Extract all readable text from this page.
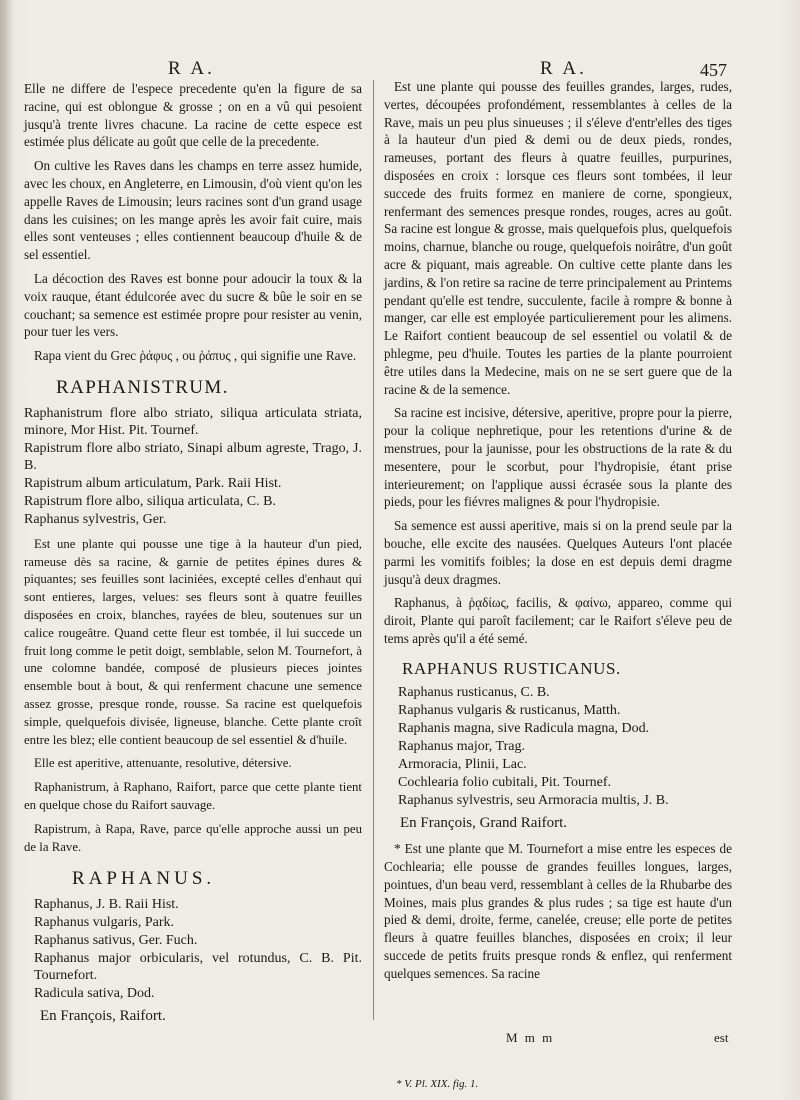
R A.	R A.	457

Elle ne differe de l'espece precedente qu'en la figure de sa racine, qui est oblongue & grosse ; on en a vû qui pesoient jusqu'à trente livres chacune. La racine de cette espece est estimée plus délicate au goût que celle de la precedente.

On cultive les Raves dans les champs en terre assez humide, avec les choux, en Angleterre, en Limousin, d'où vient qu'on les appelle Raves de Limousin; leurs racines sont d'un grand usage dans les cuisines; on les mange après les avoir fait cuire, mais elles sont venteuses ; elles contiennent beaucoup d'huile & de sel essentiel.

La décoction des Raves est bonne pour adoucir la toux & la voix rauque, étant édulcorée avec du sucre & bûe le soir en se couchant; sa semence est estimée propre pour resister au venin, pour tuer les vers.

Rapa vient du Grec ῥάφυς , ou ῥάπυς , qui signifie une Rave.

RAPHANISTRUM.
Raphanistrum flore albo striato, siliqua articulata striata, minore, Mor Hist. Pit. Tournef.
Rapistrum flore albo striato, Sinapi album agreste, Trago, J. B.
Rapistrum album articulatum, Park. Raii Hist.
Rapistrum flore albo, siliqua articulata, C. B.
Raphanus sylvestris, Ger.

Est une plante qui pousse une tige à la hauteur d'un pied, rameuse dès sa racine, & garnie de petites épines dures & piquantes; ses feuilles sont laciniées, excepté celles d'enhaut qui sont entieres, larges, velues: ses fleurs sont à quatre feuilles disposées en croix, blanches, rayées de bleu, soutenues sur un calice rougeâtre. Quand cette fleur est tombée, il lui succede un fruit long comme le petit doigt, semblable, selon M. Tournefort, à une colomne bandée, composé de plusieurs pieces jointes ensemble bout à bout, & qui renferment chacune une semence assez grosse, presque ronde, rousse. Sa racine est quelquefois simple, quelquefois divisée, ligneuse, blanche. Cette plante croît entre les blez; elle contient beaucoup de sel essentiel & d'huile.

Elle est aperitive, attenuante, resolutive, détersive.

Raphanistrum, à Raphano, Raifort, parce que cette plante tient en quelque chose du Raifort sauvage.

Rapistrum, à Rapa, Rave, parce qu'elle approche aussi un peu de la Rave.

RAPHANUS.
Raphanus, J. B. Raii Hist.
Raphanus vulgaris, Park.
Raphanus sativus, Ger. Fuch.
Raphanus major orbicularis, vel rotundus, C. B. Pit. Tournefort.
Radicula sativa, Dod.
En François, Raifort.

Est une plante qui pousse des feuilles grandes, larges, rudes, vertes, découpées profondément, ressemblantes à celles de la Rave, mais un peu plus sinueuses ; il s'éleve d'entr'elles des tiges à la hauteur d'un pied & demi ou de deux pieds, rondes, rameuses, portant des fleurs à quatre feuilles, purpurines, disposées en croix : lorsque ces fleurs sont tombées, il leur succede des fruits formez en maniere de corne, spongieux, renfermant des semences presque rondes, rouges, acres au goût. Sa racine est longue & grosse, mais quelquefois plus, quelquefois moins, charnue, blanche ou rouge, quelquefois noirâtre, d'un goût acre & piquant, mais agreable. On cultive cette plante dans les jardins, & l'on retire sa racine de terre principalement au Printems pendant qu'elle est tendre, succulente, facile à rompre & bonne à manger, car elle est employée particulierement pour les alimens. Le Raifort contient beaucoup de sel essentiel ou volatil & de phlegme, peu d'huile. Toutes les parties de la plante pourroient être utiles dans la Medecine, mais on ne se sert guere que de la racine & de la semence.

Sa racine est incisive, détersive, aperitive, propre pour la pierre, pour la colique nephretique, pour les retentions d'urine & de menstrues, pour la jaunisse, pour les obstructions de la rate & du mesentere, pour le scorbut, pour l'hydropisie, étant prise interieurement; on l'applique aussi écrasée sous la plante des pieds, pour les fiévres malignes & pour l'hydropisie.

Sa semence est aussi aperitive, mais si on la prend seule par la bouche, elle excite des nausées. Quelques Auteurs l'ont placée parmi les vomitifs foibles; la dose en est depuis demi dragme jusqu'à deux dragmes.

Raphanus, à ῥᾳδίως, facilis, & φαίνω, appareo, comme qui diroit, Plante qui paroît facilement; car le Raifort s'éleve peu de tems après qu'il a été semé.

RAPHANUS RUSTICANUS.
Raphanus rusticanus, C. B.
Raphanus vulgaris & rusticanus, Matth.
Raphanis magna, sive Radicula magna, Dod.
Raphanus major, Trag.
Armoracia, Plinii, Lac.
Cochlearia folio cubitali, Pit. Tournef.
Raphanus sylvestris, seu Armoracia multis, J. B.
En François, Grand Raifort.

* Est une plante que M. Tournefort a mise entre les especes de Cochlearia; elle pousse de grandes feuilles longues, larges, pointues, d'un beau verd, ressemblant à celles de la Rhubarbe des Moines, mais plus grandes & plus rudes ; sa tige est haute d'un pied & demi, droite, ferme, canelée, creuse; elle porte de petites fleurs à quatre feuilles blanches, disposées en croix; il leur succede de petits fruits presque ronds & enflez, qui renferment quelques semences. Sa racine

M m m	est
* V. Pl. XIX. fig. 1.
